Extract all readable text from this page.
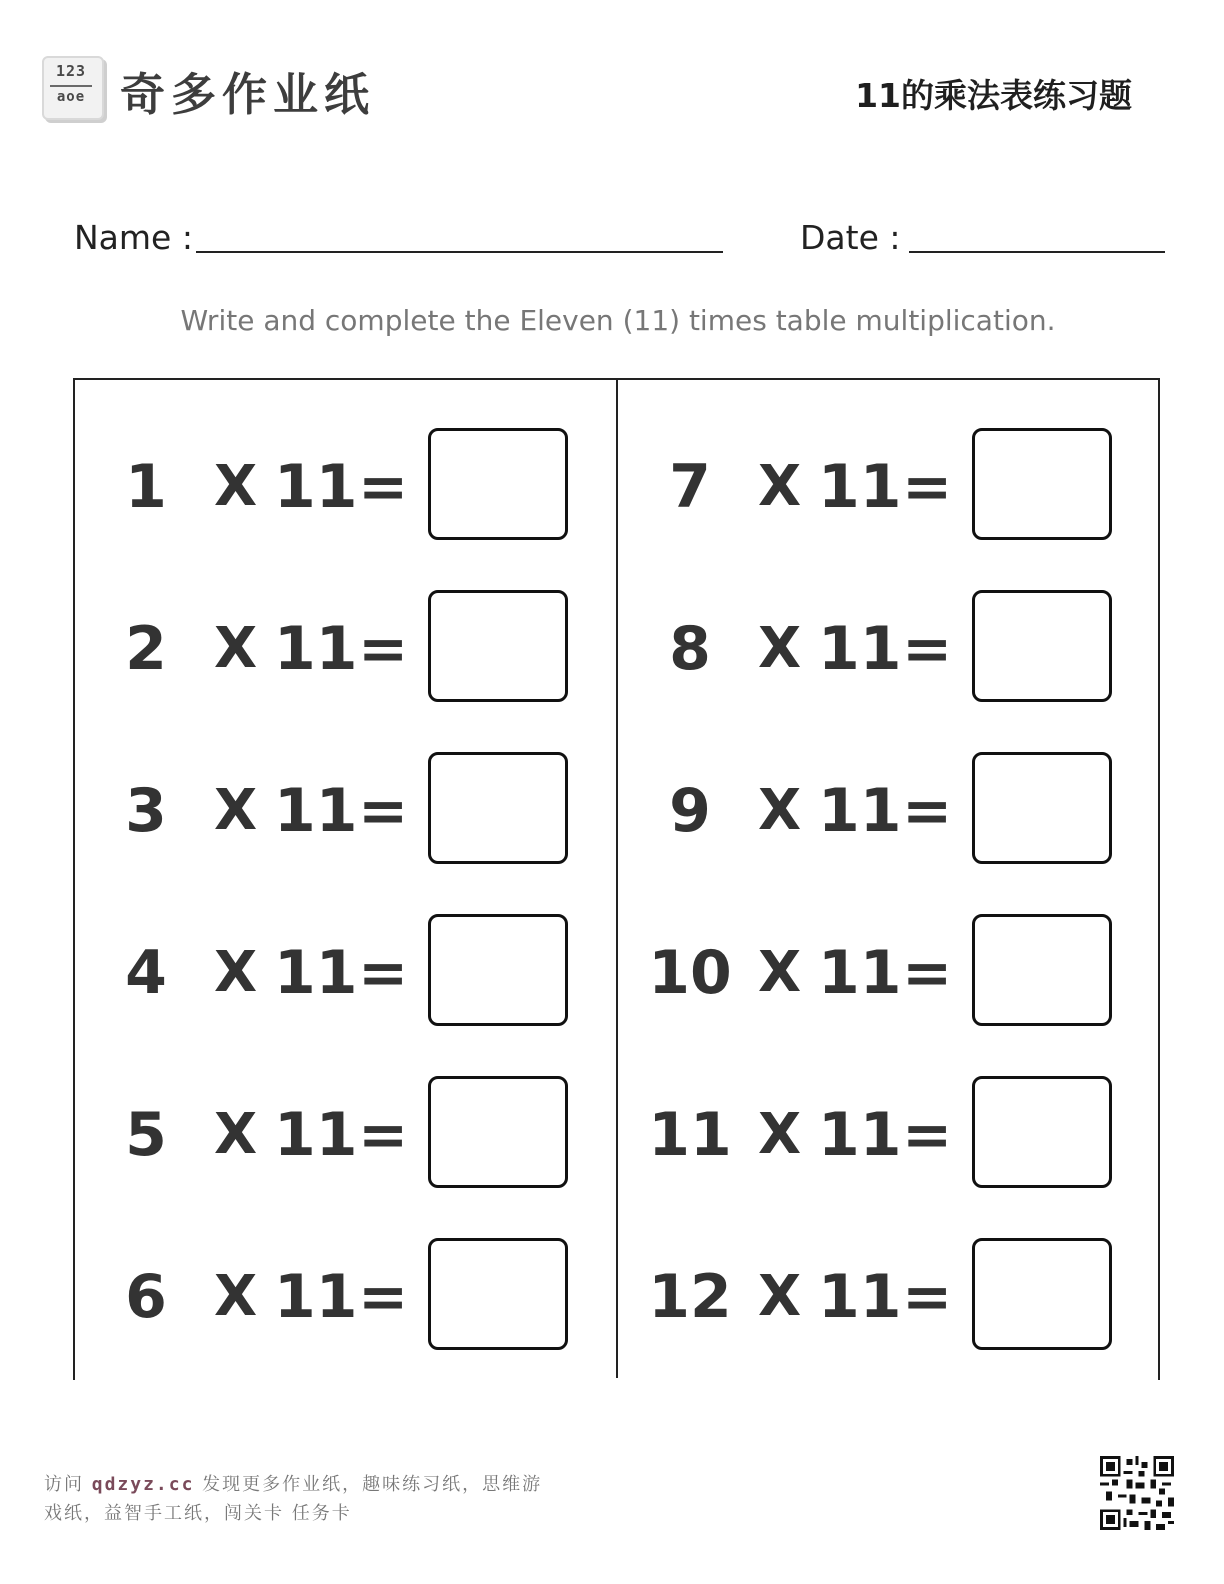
123
aoe 奇多作业纸	11的乘法表练习题
Name :	Date :
Write and complete the Eleven (11) times table multiplication.
1 X 11 =
2 X 11 =
3 X 11 =
4 X 11 =
5 X 11 =
6 X 11 =
7 X 11 =
8 X 11 =
9 X 11 =
10 X 11 =
11 X 11 =
12 X 11 =
访问 qdzyz.cc 发现更多作业纸，趣味练习纸，思维游
戏纸，益智手工纸，闯关卡 任务卡
